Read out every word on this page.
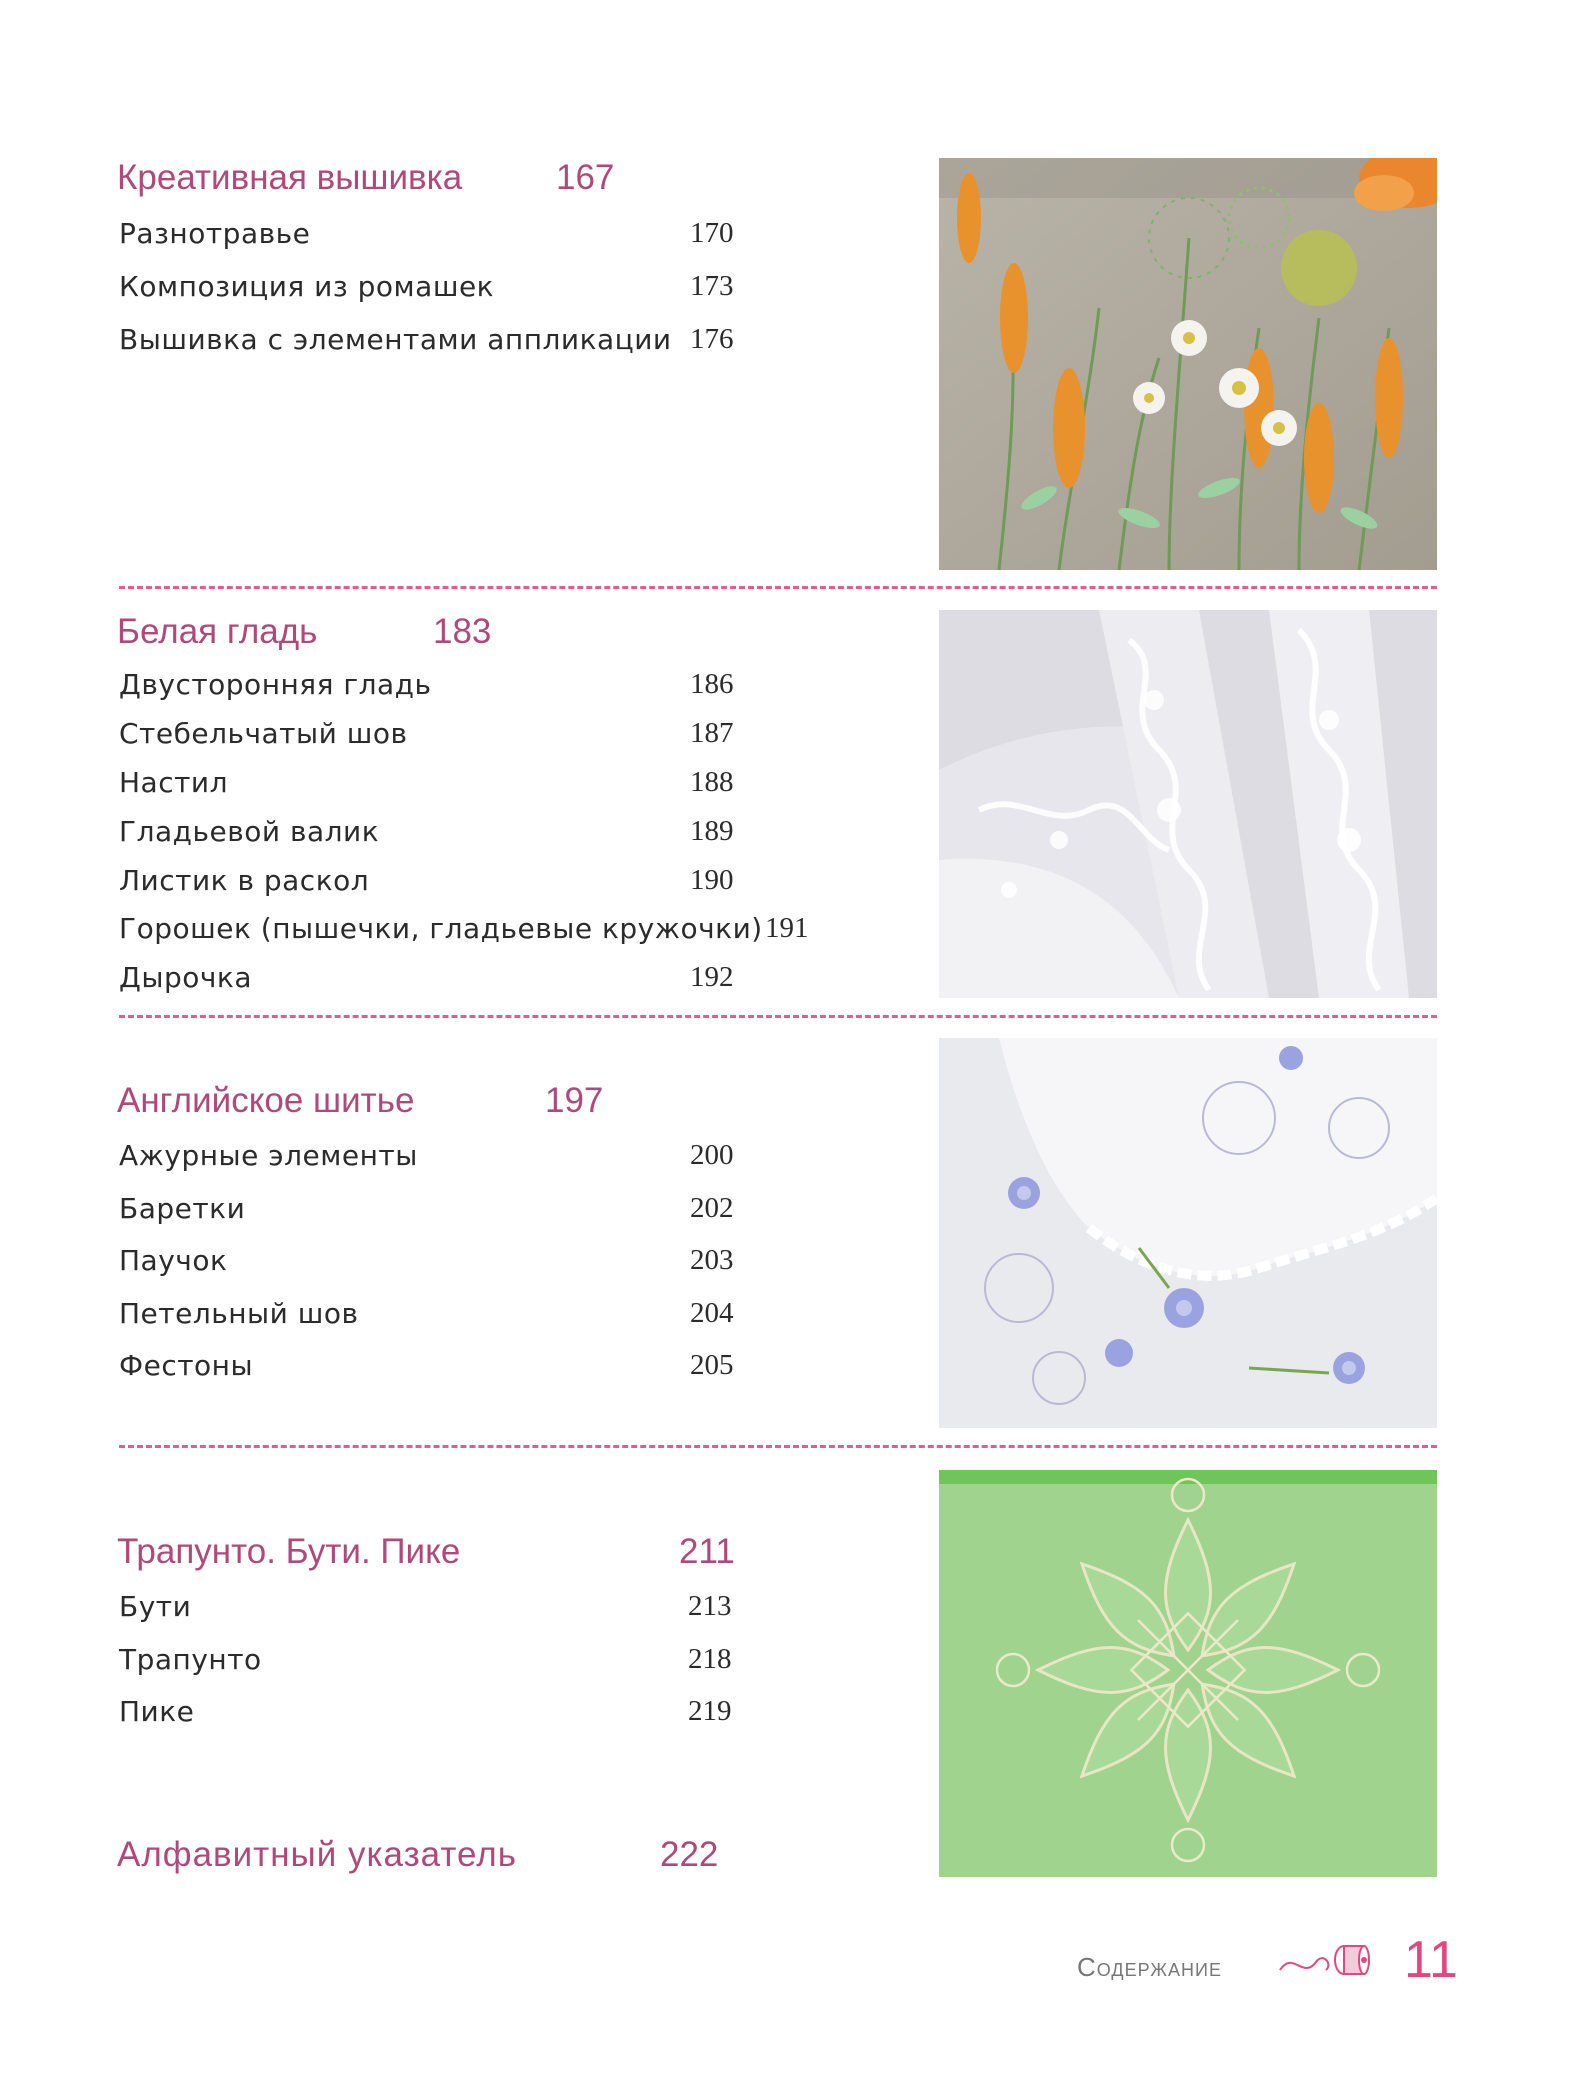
Креативная вышивка	167
Разнотравье	170
Композиция из ромашек	173
Вышивка с элементами аппликации 176
Белая гладь	183
Двусторонняя гладь	186
Стебельчатый шов	187
Настил	188
Гладьевой валик	189
Листик в раскол	190
Горошек (пышечки, гладьевые кружочки) 191
Дырочка	192
Английское шитье	197
Ажурные элементы	200
Баретки	202
Паучок	203
Петельный шов	204
Фестоны	205
Трапунто. Бути. Пике	211
Бути	213
Трапунто	218
Пике	219
Алфавитный указатель	222
Содержание	11
